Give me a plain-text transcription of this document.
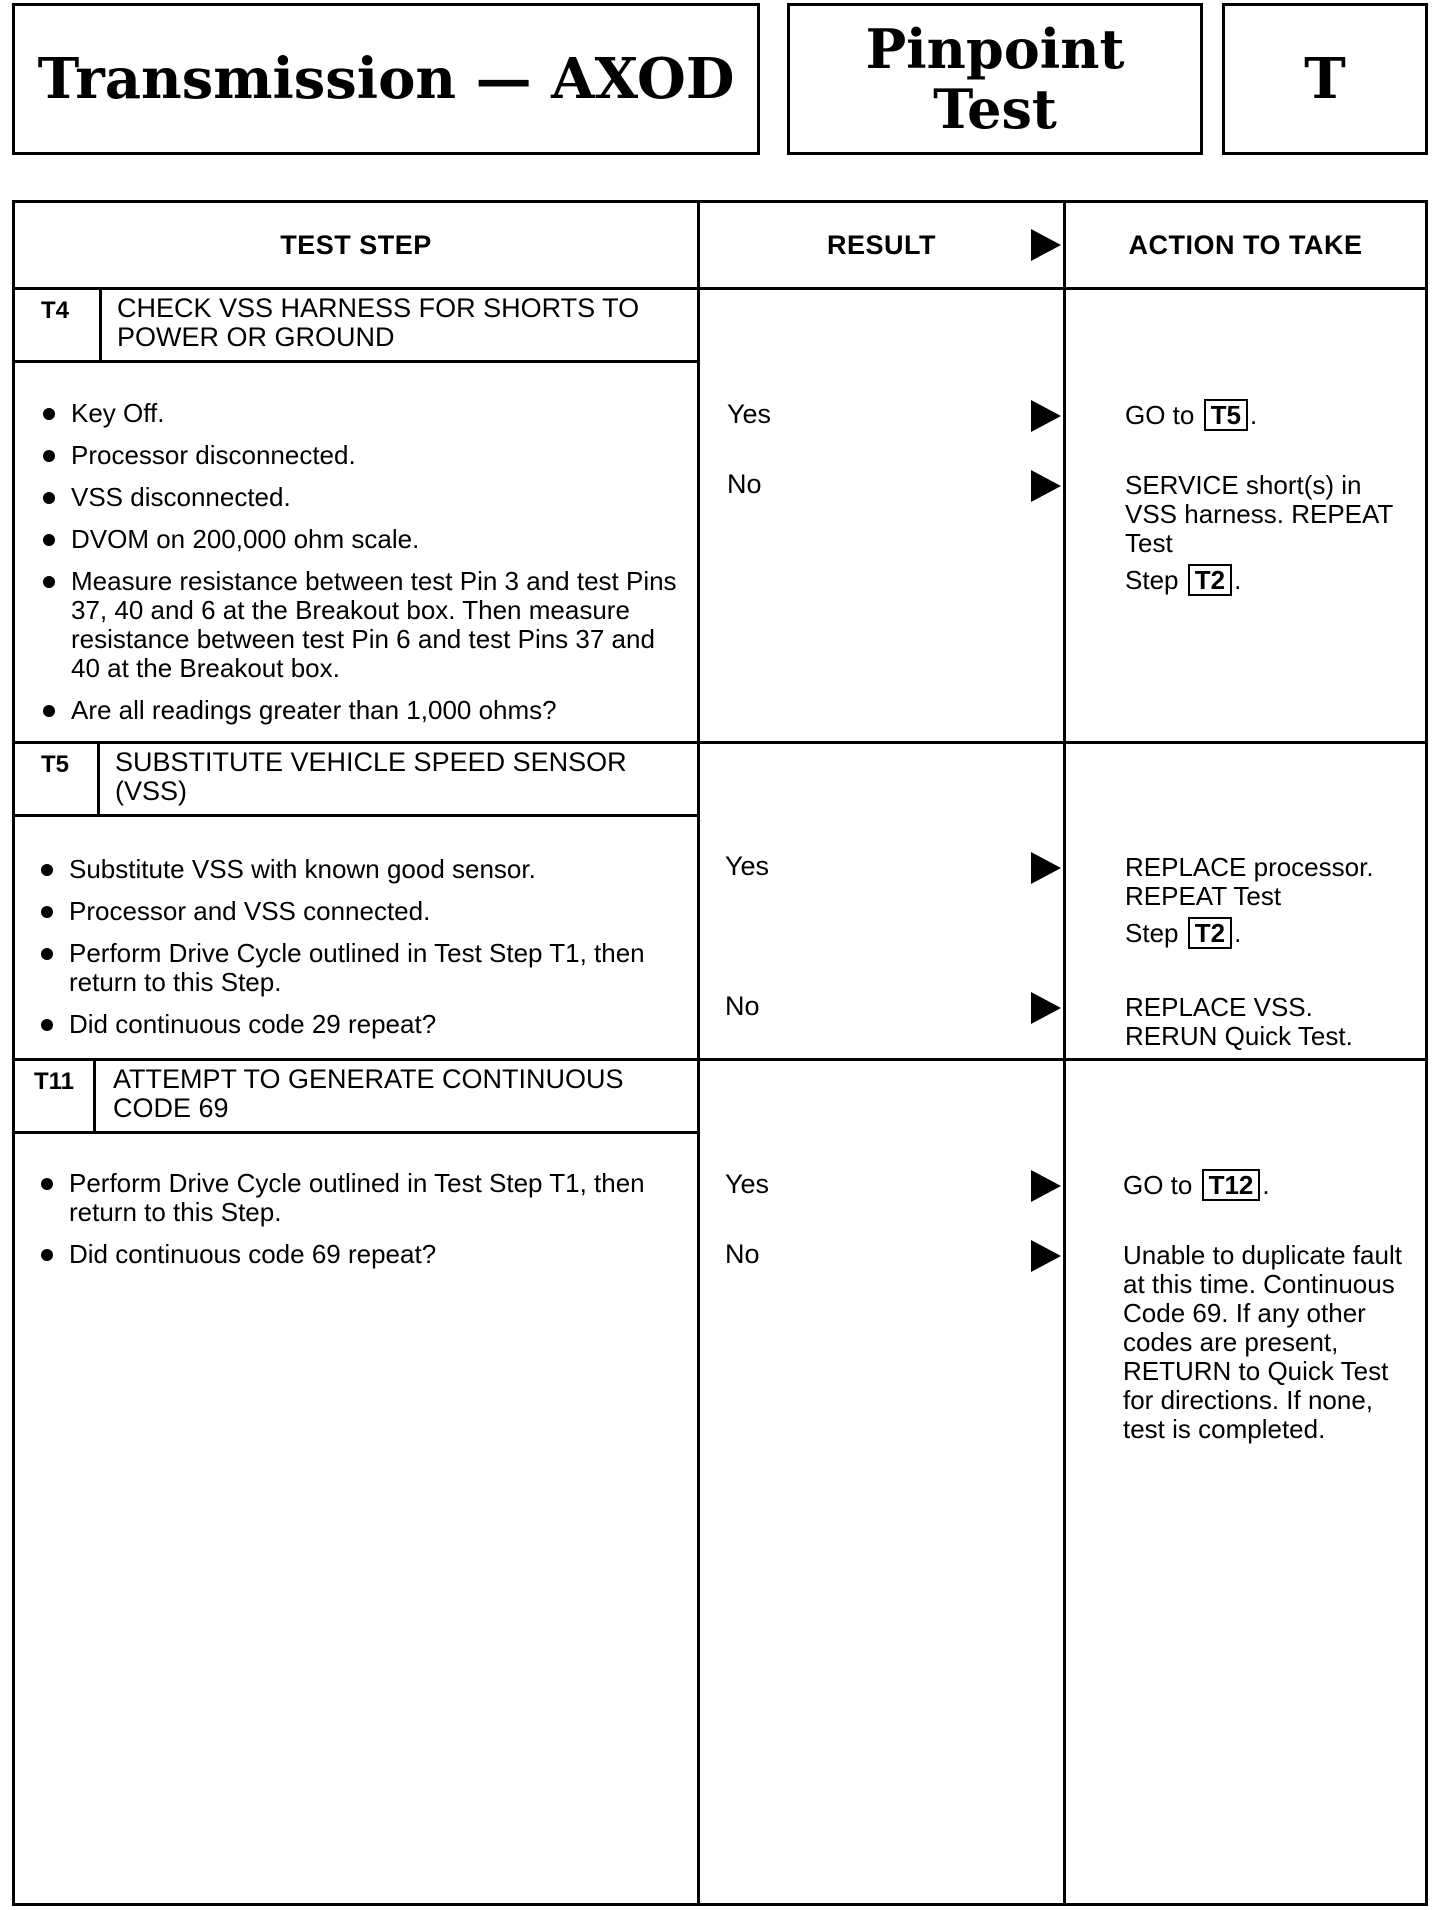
Transmission — AXOD Pinpoint
Test	T
TEST STEP	RESULT	ACTION TO TAKE
T4	CHECK VSS HARNESS FOR SHORTS TO POWER OR GROUND
Key Off.
Processor disconnected.
VSS disconnected.
DVOM on 200,000 ohm scale.
Measure resistance between test Pin 3 and test Pins 37, 40 and 6 at the Breakout box. Then measure resistance between test Pin 6 and test Pins 37 and 40 at the Breakout box.
Are all readings greater than 1,000 ohms?
Yes	GO to T5 .
No	SERVICE short(s) in VSS harness. REPEAT Test

Step T2 .

T5	SUBSTITUTE VEHICLE SPEED SENSOR (VSS)
Substitute VSS with known good sensor.
Processor and VSS connected.
Perform Drive Cycle outlined in Test Step T1, then return to this Step.
Did continuous code 29 repeat?
Yes	REPLACE processor. REPEAT Test

Step T2 .

No	REPLACE VSS. RERUN Quick Test.

T11	ATTEMPT TO GENERATE CONTINUOUS CODE 69
Perform Drive Cycle outlined in Test Step T1, then return to this Step.
Did continuous code 69 repeat?
Yes	GO to T12 .
No	Unable to duplicate fault at this time. Continuous Code 69. If any other codes are present, RETURN to Quick Test for directions. If none, test is completed.
